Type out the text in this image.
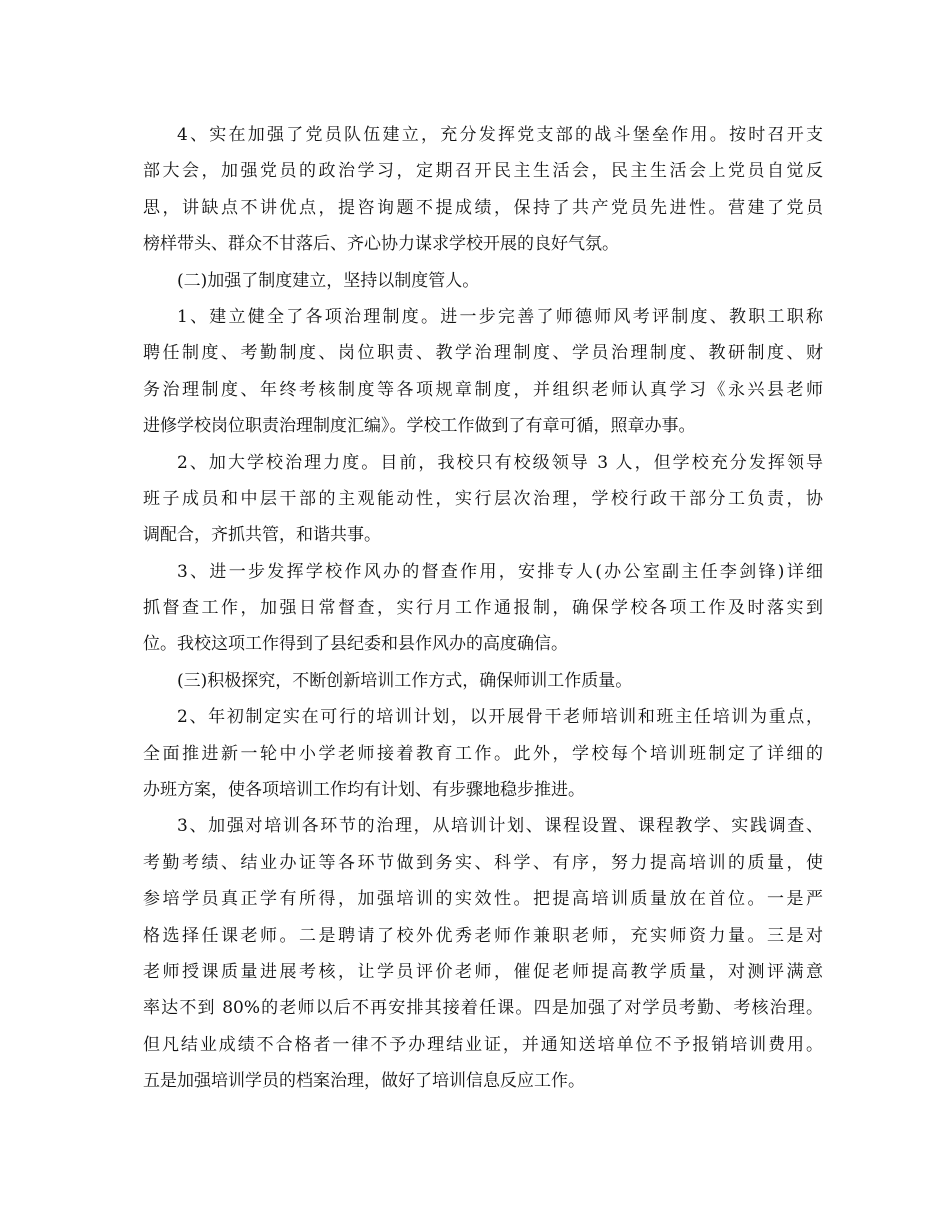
4、实在加强了党员队伍建立，充分发挥党支部的战斗堡垒作用。按时召开支
部大会，加强党员的政治学习，定期召开民主生活会，民主生活会上党员自觉反
思，讲缺点不讲优点，提咨询题不提成绩，保持了共产党员先进性。营建了党员
榜样带头、群众不甘落后、齐心协力谋求学校开展的良好气氛。
(二)加强了制度建立，坚持以制度管人。
1、建立健全了各项治理制度。进一步完善了师德师风考评制度、教职工职称
聘任制度、考勤制度、岗位职责、教学治理制度、学员治理制度、教研制度、财
务治理制度、年终考核制度等各项规章制度，并组织老师认真学习《永兴县老师
进修学校岗位职责治理制度汇编》。学校工作做到了有章可循，照章办事。
2、加大学校治理力度。目前，我校只有校级领导 3 人，但学校充分发挥领导
班子成员和中层干部的主观能动性，实行层次治理，学校行政干部分工负责，协
调配合，齐抓共管，和谐共事。
3、进一步发挥学校作风办的督查作用，安排专人(办公室副主任李剑锋)详细
抓督查工作，加强日常督查，实行月工作通报制，确保学校各项工作及时落实到
位。我校这项工作得到了县纪委和县作风办的高度确信。
(三)积极探究，不断创新培训工作方式，确保师训工作质量。
2、年初制定实在可行的培训计划，以开展骨干老师培训和班主任培训为重点，
全面推进新一轮中小学老师接着教育工作。此外，学校每个培训班制定了详细的
办班方案，使各项培训工作均有计划、有步骤地稳步推进。
3、加强对培训各环节的治理，从培训计划、课程设置、课程教学、实践调查、
考勤考绩、结业办证等各环节做到务实、科学、有序，努力提高培训的质量，使
参培学员真正学有所得，加强培训的实效性。把提高培训质量放在首位。一是严
格选择任课老师。二是聘请了校外优秀老师作兼职老师，充实师资力量。三是对
老师授课质量进展考核，让学员评价老师，催促老师提高教学质量，对测评满意
率达不到 80%的老师以后不再安排其接着任课。四是加强了对学员考勤、考核治理。
但凡结业成绩不合格者一律不予办理结业证，并通知送培单位不予报销培训费用。
五是加强培训学员的档案治理，做好了培训信息反应工作。
